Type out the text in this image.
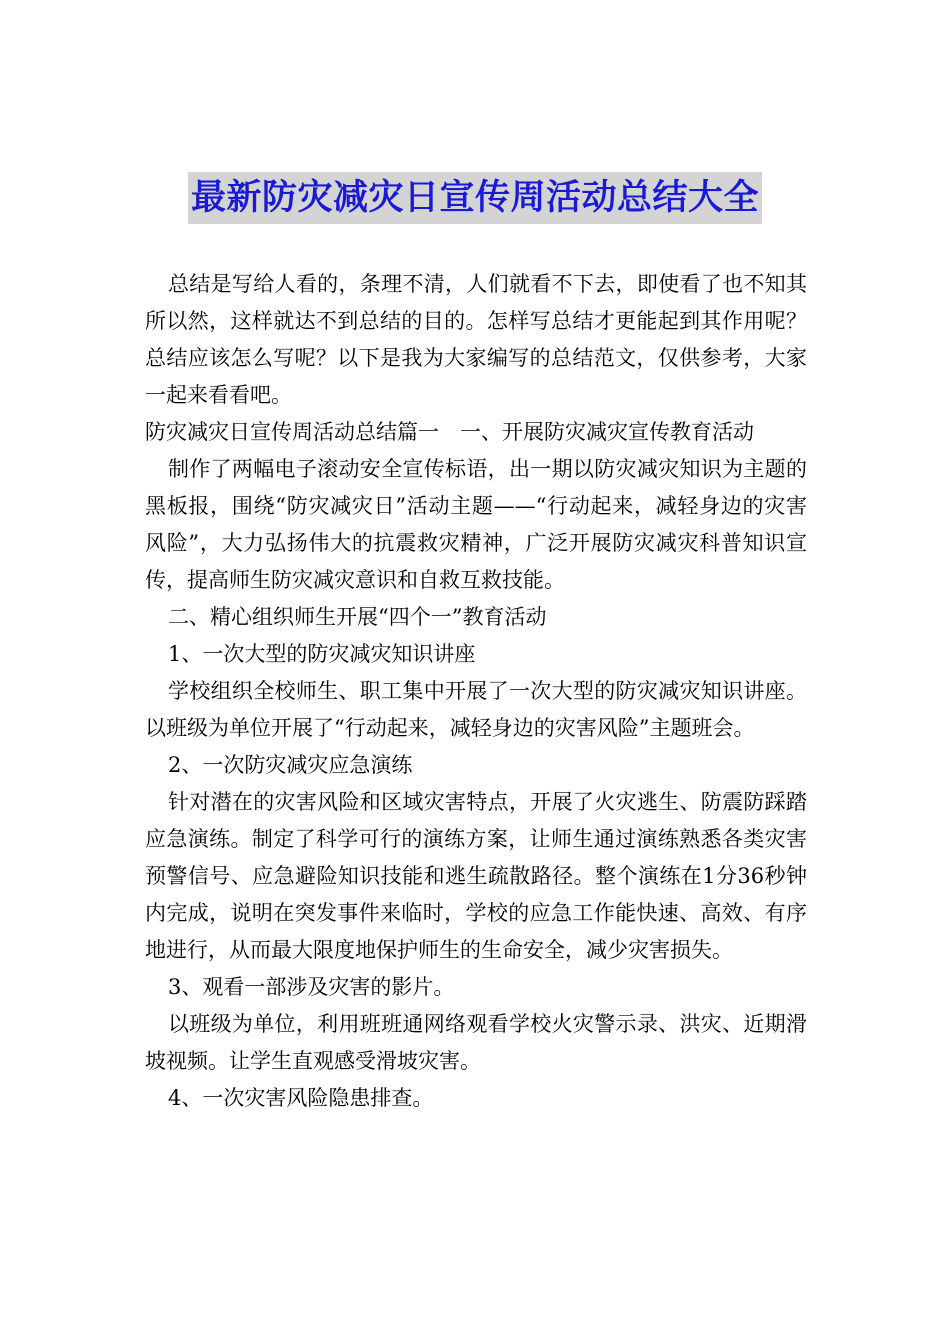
最新防灾减灾日宣传周活动总结大全

总结是写给人看的，条理不清，人们就看不下去，即使看了也不知其所以然，这样就达不到总结的目的。怎样写总结才更能起到其作用呢？总结应该怎么写呢？以下是我为大家编写的总结范文，仅供参考，大家一起来看看吧。

防灾减灾日宣传周活动总结篇一　一、开展防灾减灾宣传教育活动

制作了两幅电子滚动安全宣传标语，出一期以防灾减灾知识为主题的黑板报，围绕“防灾减灾日”活动主题——“行动起来，减轻身边的灾害风险”，大力弘扬伟大的抗震救灾精神，广泛开展防灾减灾科普知识宣传，提高师生防灾减灾意识和自救互救技能。

二、精心组织师生开展“四个一”教育活动

1、一次大型的防灾减灾知识讲座

学校组织全校师生、职工集中开展了一次大型的防灾减灾知识讲座。以班级为单位开展了“行动起来，减轻身边的灾害风险”主题班会。

2、一次防灾减灾应急演练

针对潜在的灾害风险和区域灾害特点，开展了火灾逃生、防震防踩踏应急演练。制定了科学可行的演练方案，让师生通过演练熟悉各类灾害预警信号、应急避险知识技能和逃生疏散路径。整个演练在1分36秒钟内完成，说明在突发事件来临时，学校的应急工作能快速、高效、有序地进行，从而最大限度地保护师生的生命安全，减少灾害损失。

3、观看一部涉及灾害的影片。

以班级为单位，利用班班通网络观看学校火灾警示录、洪灾、近期滑坡视频。让学生直观感受滑坡灾害。

4、一次灾害风险隐患排查。
